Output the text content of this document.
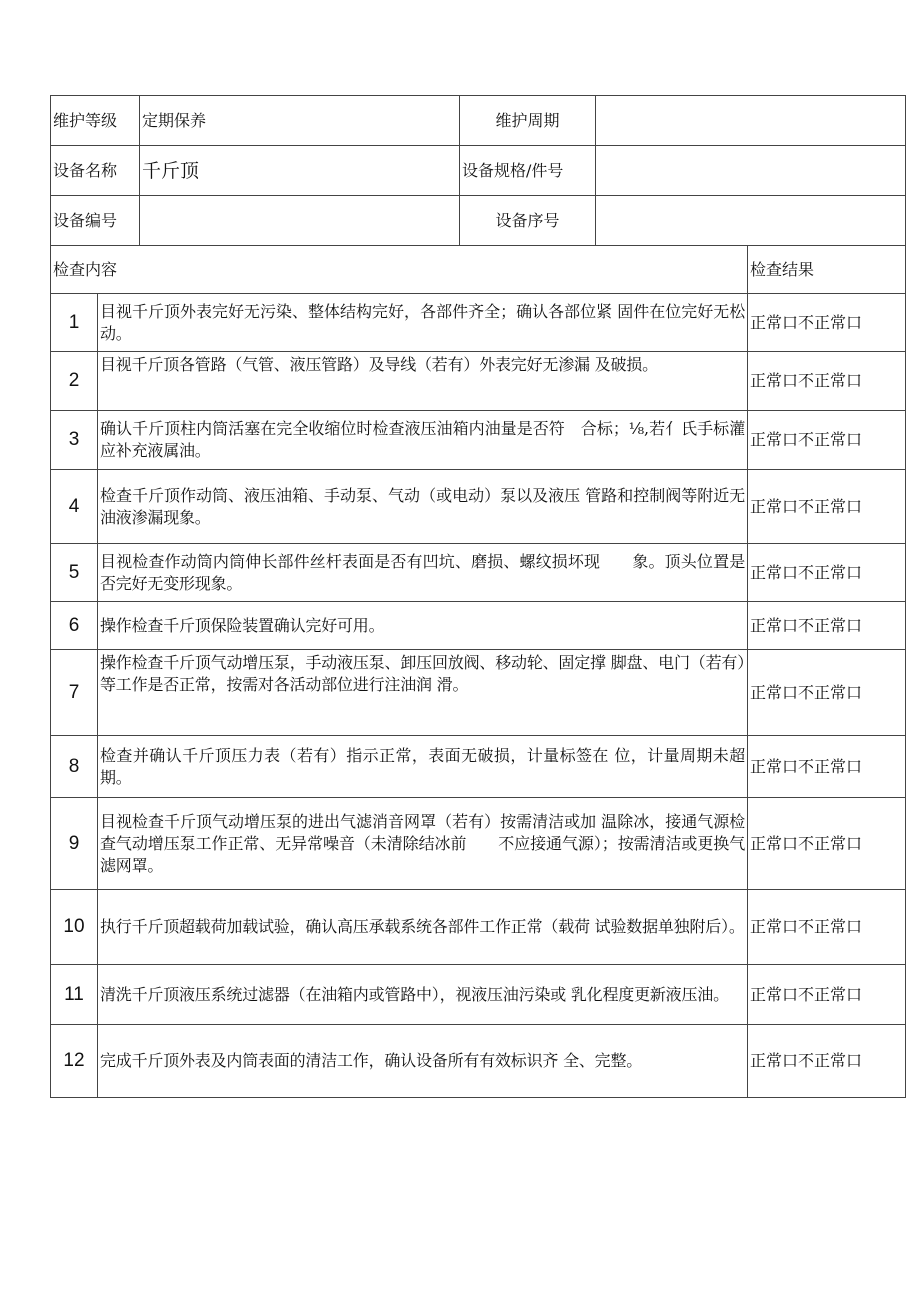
维护等级		定期保养	维护周期		
设备名称		千斤顶	设备规格/件号		
设备编号			设备序号		
检查内容					检查结果
1	目视千斤顶外表完好无污染、整体结构完好，各部件齐全；确认各部位紧 固件在位完好无松动。				正常口不正常口
2	目视千斤顶各管路（气管、液压管路）及导线（若有）外表完好无渗漏 及破损。				正常口不正常口
3	确认千斤顶柱内筒活塞在完全收缩位时检查液压油箱内油量是否符　合标；⅛,若亻氏手标灌应补充液属油。				正常口不正常口
4	检查千斤顶作动筒、液压油箱、手动泵、气动（或电动）泵以及液压 管路和控制阀等附近无油液渗漏现象。				正常口不正常口
5	目视检查作动筒内筒伸长部件丝杆表面是否有凹坑、磨损、螺纹损坏现　　象。顶头位置是否完好无变形现象。				正常口不正常口
6	操作检查千斤顶保险装置确认完好可用。				正常口不正常口
7	操作检查千斤顶气动增压泵，手动液压泵、卸压回放阀、移动轮、固定撑 脚盘、电门（若有）等工作是否正常，按需对各活动部位进行注油润 滑。				正常口不正常口
8	检查并确认千斤顶压力表（若有）指示正常，表面无破损，计量标签在 位，计量周期未超期。				正常口不正常口
9	目视检查千斤顶气动增压泵的进出气滤消音网罩（若有）按需清洁或加 温除冰，接通气源检查气动增压泵工作正常、无异常噪音（未清除结冰前　　不应接通气源）；按需清洁或更换气滤网罩。				正常口不正常口
10	执行千斤顶超载荷加载试验，确认高压承载系统各部件工作正常（载荷 试验数据单独附后）。				正常口不正常口
11	清洗千斤顶液压系统过滤器（在油箱内或管路中），视液压油污染或 乳化程度更新液压油。				正常口不正常口
12	完成千斤顶外表及内筒表面的清洁工作，确认设备所有有效标识齐 全、完整。				正常口不正常口
